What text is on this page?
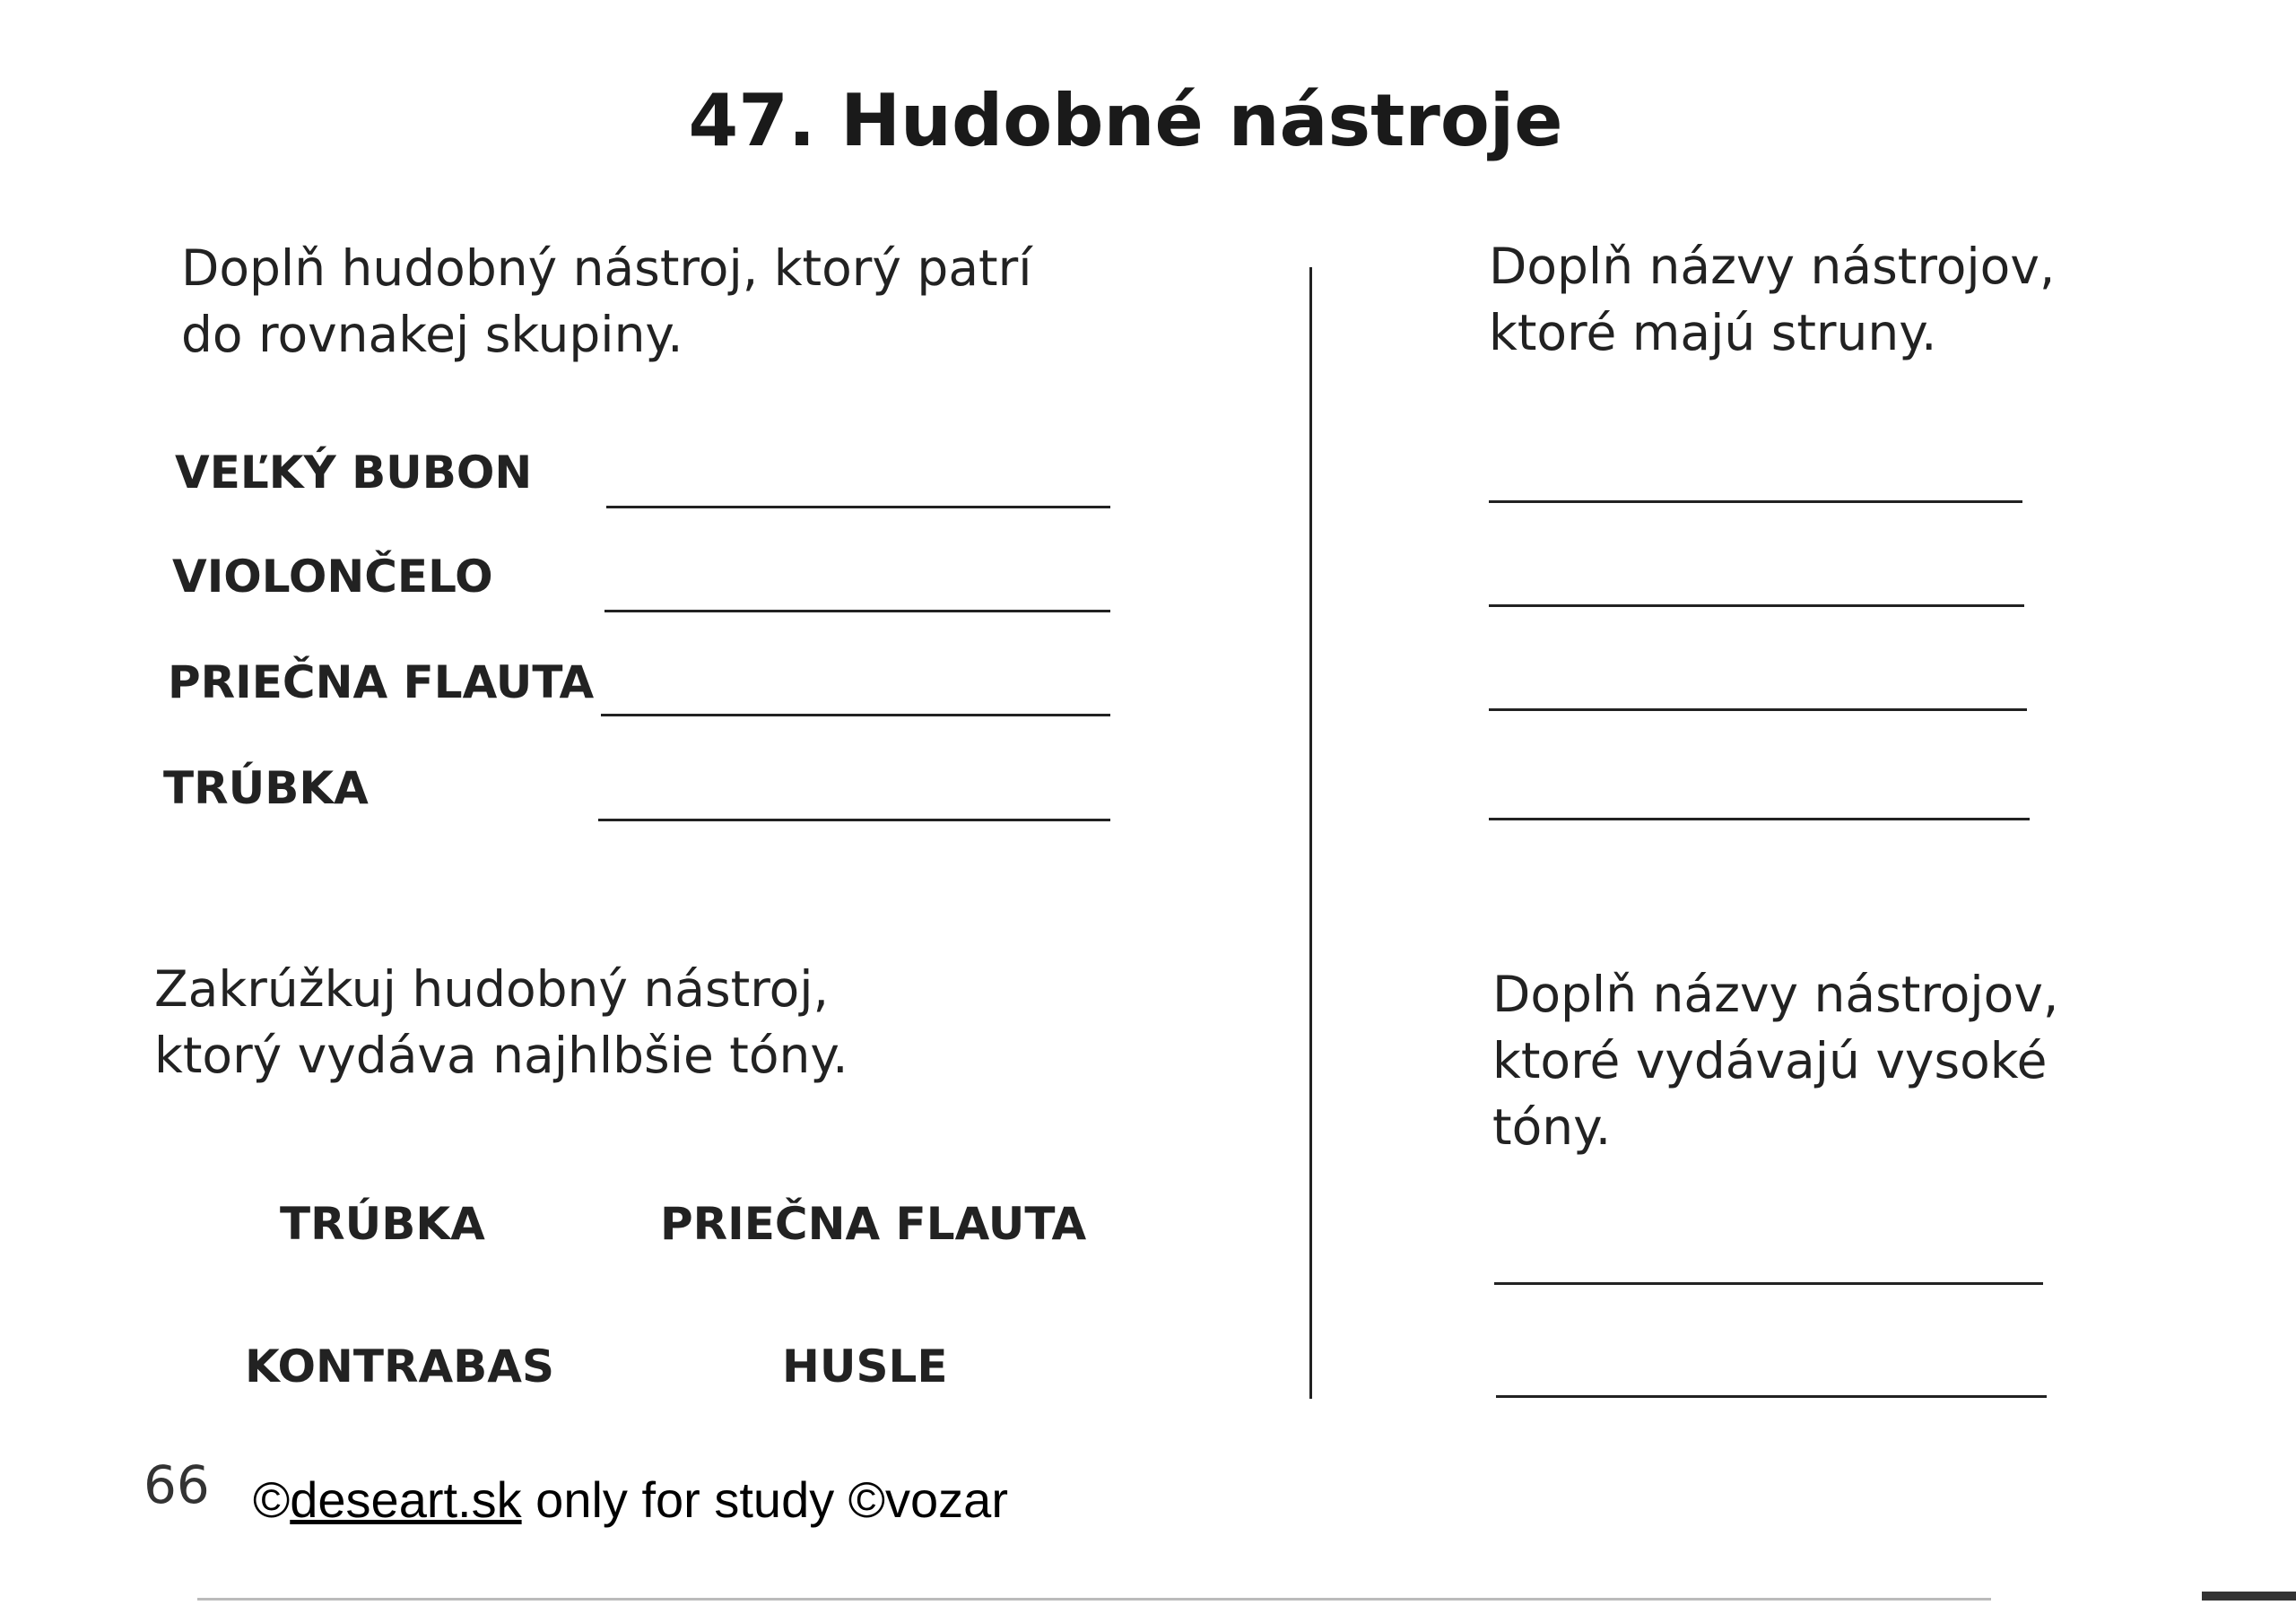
47. Hudobné nástroje
Doplň hudobný nástroj, ktorý patrí
do rovnakej skupiny.
VEĽKÝ BUBON
VIOLONČELO
PRIEČNA FLAUTA
TRÚBKA
Zakrúžkuj hudobný nástroj,
ktorý vydáva najhlbšie tóny.
TRÚBKA	PRIEČNA FLAUTA
KONTRABAS	HUSLE
Doplň názvy nástrojov,
ktoré majú struny.
Doplň názvy nástrojov,
ktoré vydávajú vysoké
tóny.
66 ©deseart.sk only for study ©vozar
